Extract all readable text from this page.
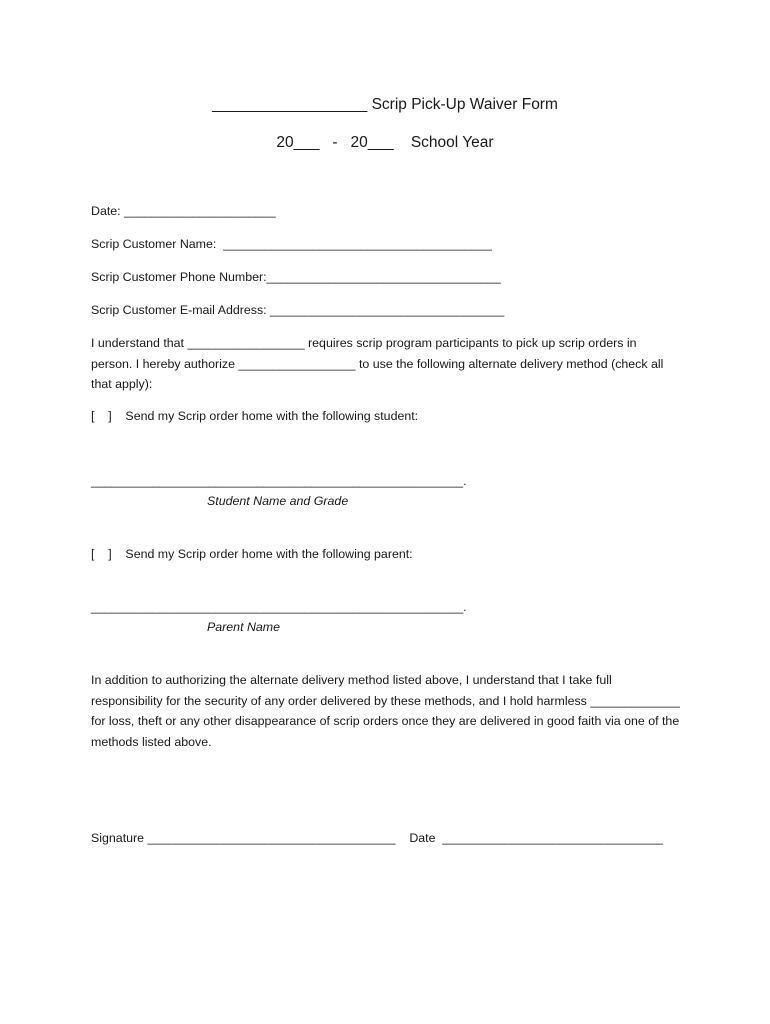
__________________ Scrip Pick-Up Waiver Form
20___   -   20___    School Year
Date: ______________________
Scrip Customer Name:  _______________________________________
Scrip Customer Phone Number:__________________________________
Scrip Customer E-mail Address: __________________________________
I understand that _________________ requires scrip program participants to pick up scrip orders in person. I hereby authorize _________________ to use the following alternate delivery method (check all that apply):
[    ]    Send my Scrip order home with the following student:
______________________________________________________.
Student Name and Grade
[    ]    Send my Scrip order home with the following parent:
______________________________________________________.
Parent Name
In addition to authorizing the alternate delivery method listed above, I understand that I take full responsibility for the security of any order delivered by these methods, and I hold harmless _____________ for loss, theft or any other disappearance of scrip orders once they are delivered in good faith via one of the methods listed above.
Signature ____________________________________    Date  ________________________________
